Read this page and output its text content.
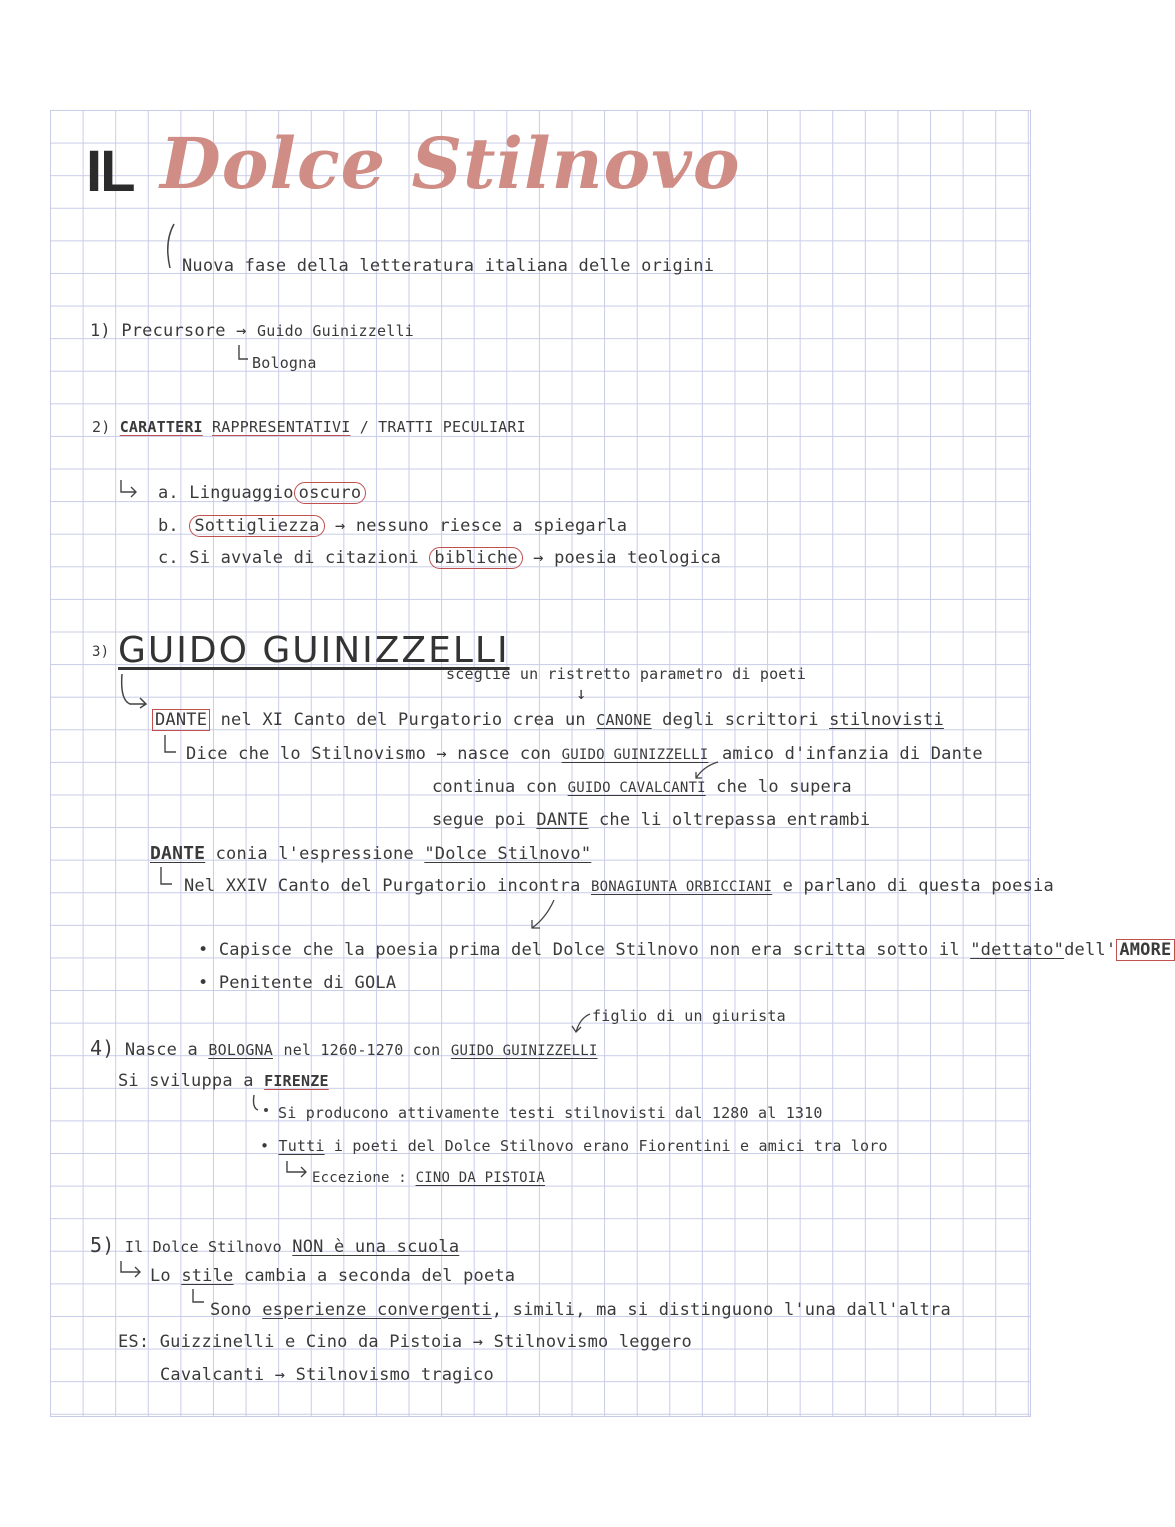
IL Dolce Stilnovo
Nuova fase della letteratura italiana delle origini
1) Precursore → Guido Guinizzelli
Bologna
2) CARATTERI RAPPRESENTATIVI / TRATTI PECULIARI
a. Linguaggio oscuro
b. Sottigliezza → nessuno riesce a spiegarla
c. Si avvale di citazioni bibliche → poesia teologica
3) GUIDO GUINIZZELLI
sceglie un ristretto parametro di poeti
↓
DANTE nel XI Canto del Purgatorio crea un CANONE degli scrittori stilnovisti
Dice che lo Stilnovismo → nasce con GUIDO GUINIZZELLI amico d'infanzia di Dante
continua con GUIDO CAVALCANTI che lo supera
segue poi DANTE che li oltrepassa entrambi
DANTE conia l'espressione "Dolce Stilnovo"
Nel XXIV Canto del Purgatorio incontra BONAGIUNTA ORBICCIANI e parlano di questa poesia
• Capisce che la poesia prima del Dolce Stilnovo non era scritta sotto il "dettato"dell' AMORE
• Penitente di GOLA
figlio di un giurista
4) Nasce a BOLOGNA nel 1260-1270 con GUIDO GUINIZZELLI
Si sviluppa a FIRENZE
Si producono attivamente testi stilnovisti dal 1280 al 1310
• Tutti i poeti del Dolce Stilnovo erano Fiorentini e amici tra loro
Eccezione : CINO DA PISTOIA
5) Il Dolce Stilnovo NON è una scuola
Lo stile cambia a seconda del poeta
Sono esperienze convergenti, simili, ma si distinguono l'una dall'altra
ES: Guizzinelli e Cino da Pistoia → Stilnovismo leggero
Cavalcanti → Stilnovismo tragico
